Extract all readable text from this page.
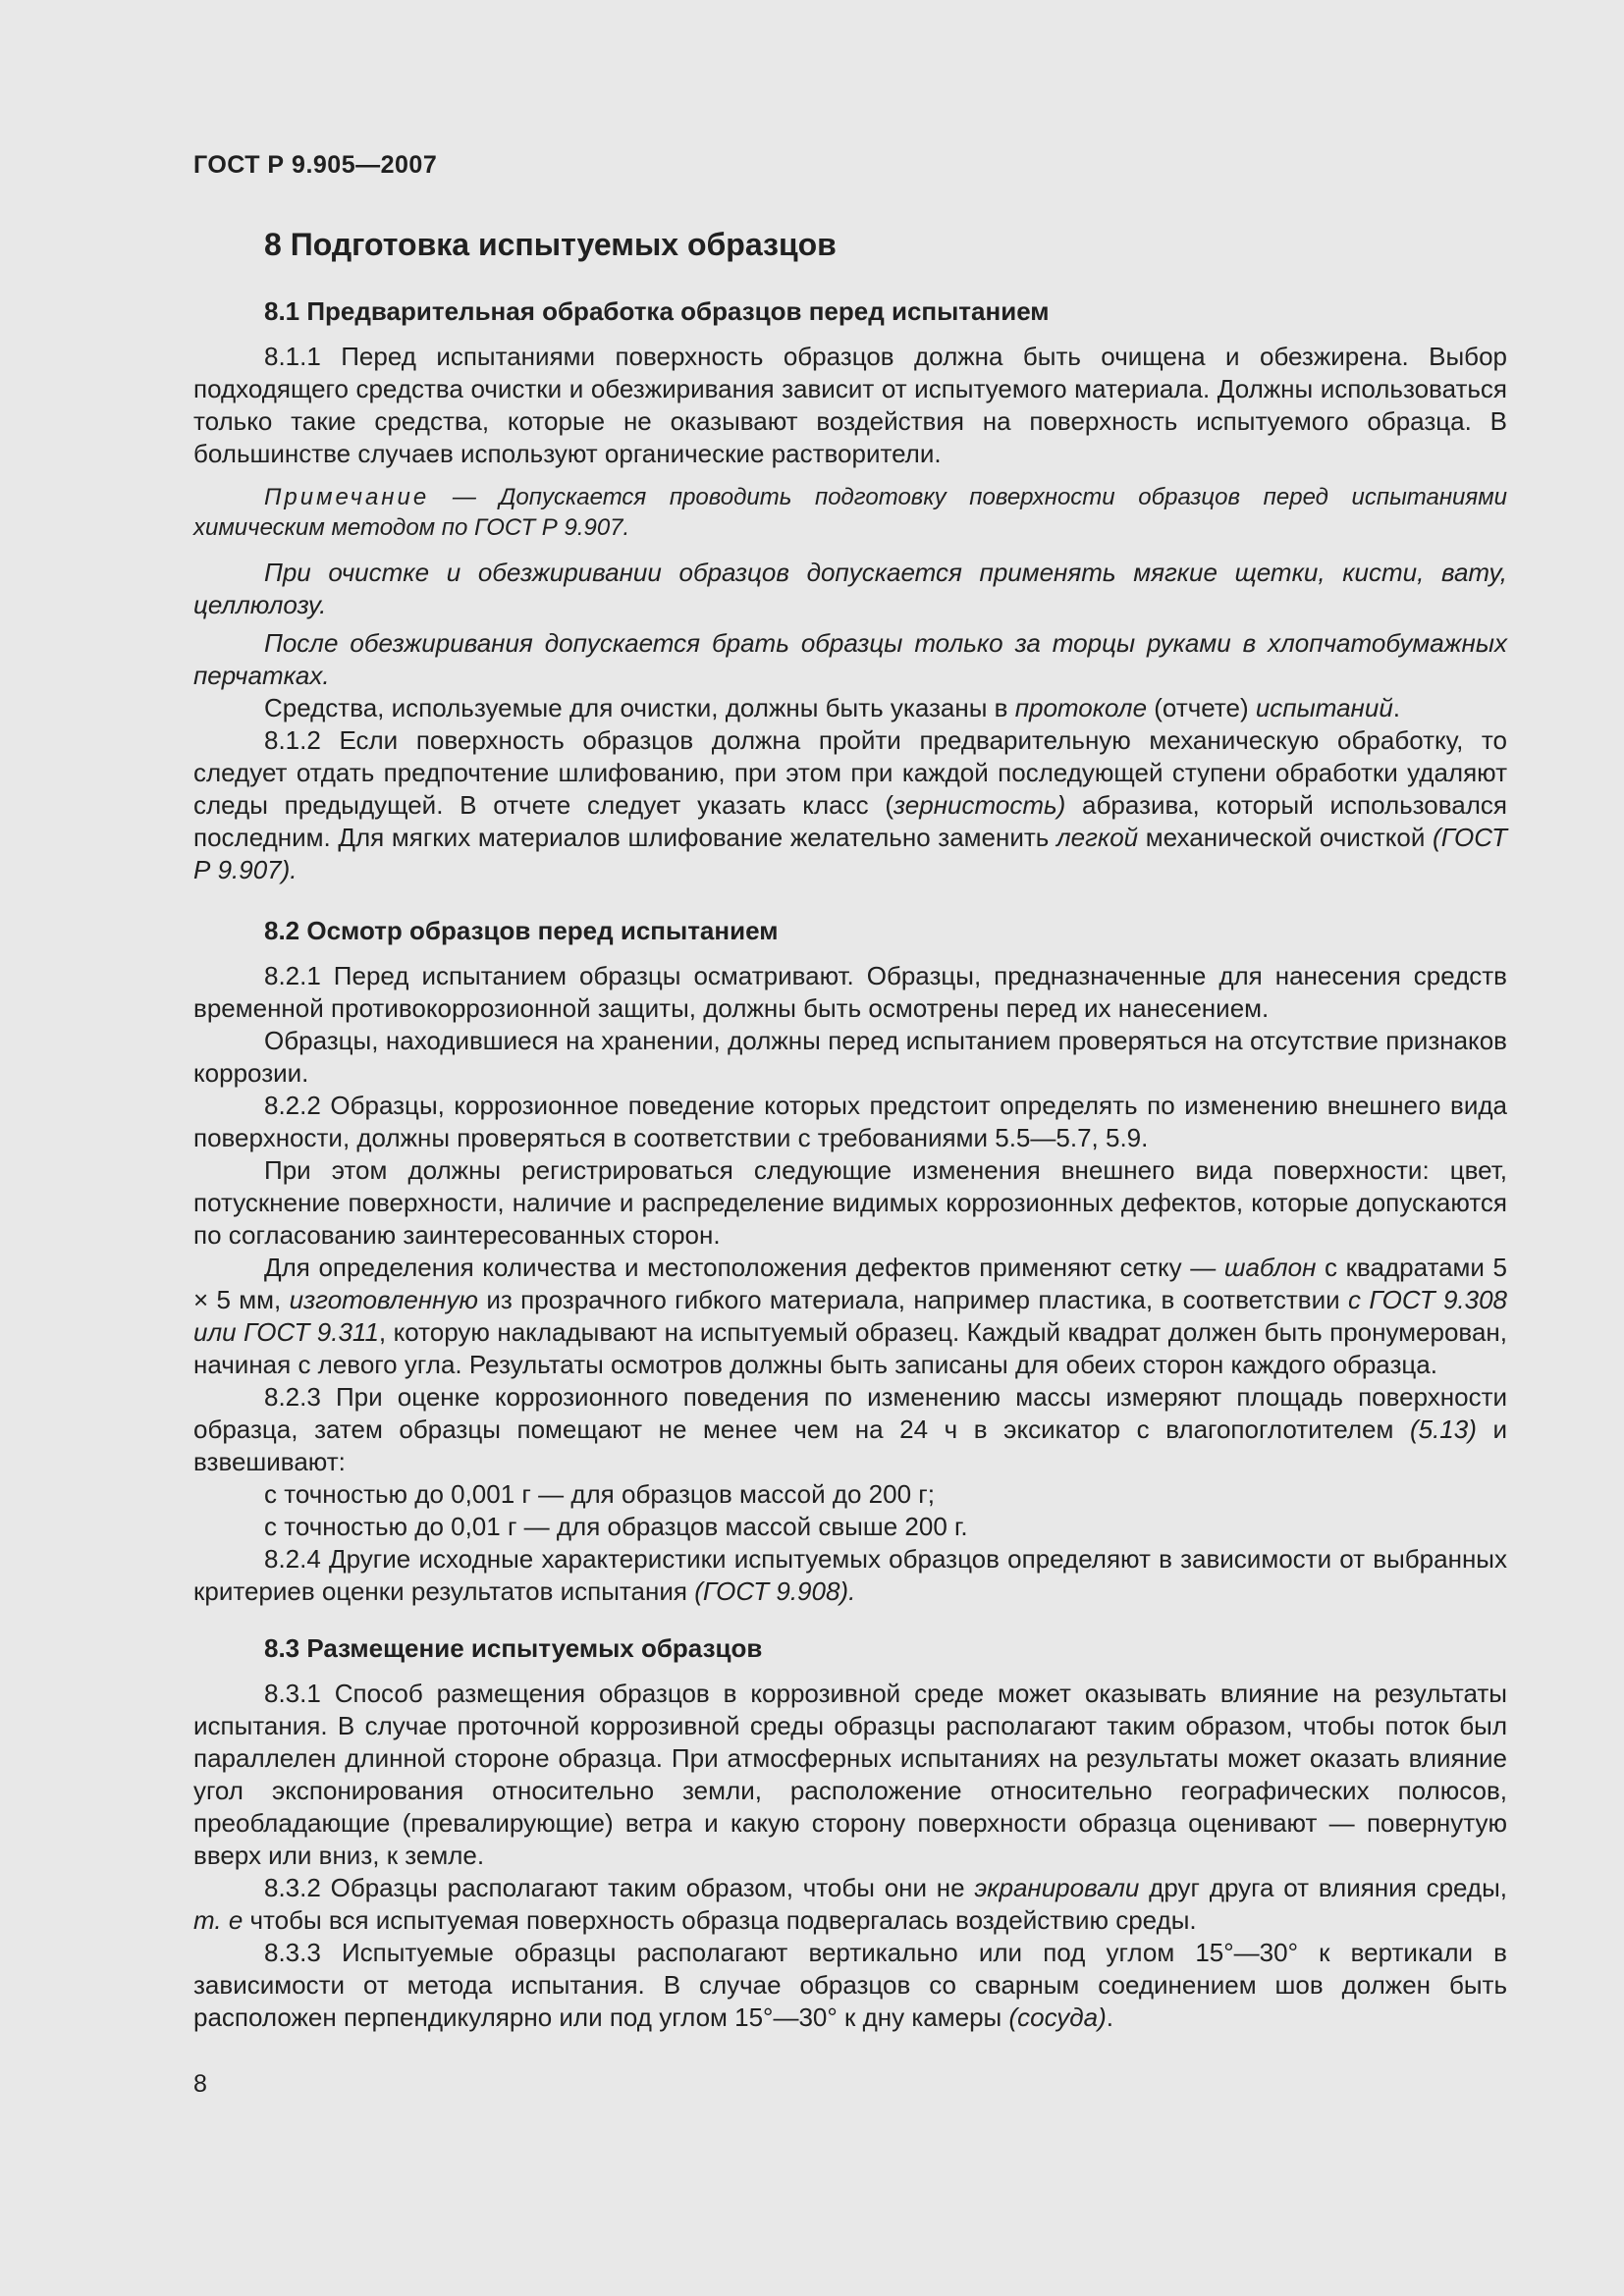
ГОСТ Р 9.905—2007
8 Подготовка испытуемых образцов
8.1 Предварительная обработка образцов перед испытанием

8.1.1 Перед испытаниями поверхность образцов должна быть очищена и обезжирена. Выбор подходящего средства очистки и обезжиривания зависит от испытуемого материала. Должны использоваться только такие средства, которые не оказывают воздействия на поверхность испытуемого образца. В большинстве случаев используют органические растворители.

Примечание — Допускается проводить подготовку поверхности образцов перед испытаниями химическим методом по ГОСТ Р 9.907.

При очистке и обезжиривании образцов допускается применять мягкие щетки, кисти, вату, целлюлозу.

После обезжиривания допускается брать образцы только за торцы руками в хлопчатобумажных перчатках.

Средства, используемые для очистки, должны быть указаны в протоколе (отчете) испытаний.

8.1.2 Если поверхность образцов должна пройти предварительную механическую обработку, то следует отдать предпочтение шлифованию, при этом при каждой последующей ступени обработки удаляют следы предыдущей. В отчете следует указать класс (зернистость) абразива, который использовался последним. Для мягких материалов шлифование желательно заменить легкой механической очисткой (ГОСТ Р 9.907).

8.2 Осмотр образцов перед испытанием

8.2.1 Перед испытанием образцы осматривают. Образцы, предназначенные для нанесения средств временной противокоррозионной защиты, должны быть осмотрены перед их нанесением.

Образцы, находившиеся на хранении, должны перед испытанием проверяться на отсутствие признаков коррозии.

8.2.2 Образцы, коррозионное поведение которых предстоит определять по изменению внешнего вида поверхности, должны проверяться в соответствии с требованиями 5.5—5.7, 5.9.

При этом должны регистрироваться следующие изменения внешнего вида поверхности: цвет, потускнение поверхности, наличие и распределение видимых коррозионных дефектов, которые допускаются по согласованию заинтересованных сторон.

Для определения количества и местоположения дефектов применяют сетку — шаблон с квадратами 5 × 5 мм, изготовленную из прозрачного гибкого материала, например пластика, в соответствии с ГОСТ 9.308 или ГОСТ 9.311, которую накладывают на испытуемый образец. Каждый квадрат должен быть пронумерован, начиная с левого угла. Результаты осмотров должны быть записаны для обеих сторон каждого образца.

8.2.3 При оценке коррозионного поведения по изменению массы измеряют площадь поверхности образца, затем образцы помещают не менее чем на 24 ч в эксикатор с влагопоглотителем (5.13) и взвешивают:

с точностью до 0,001 г — для образцов массой до 200 г;

с точностью до 0,01 г — для образцов массой свыше 200 г.

8.2.4 Другие исходные характеристики испытуемых образцов определяют в зависимости от выбранных критериев оценки результатов испытания (ГОСТ 9.908).

8.3 Размещение испытуемых образцов

8.3.1 Способ размещения образцов в коррозивной среде может оказывать влияние на результаты испытания. В случае проточной коррозивной среды образцы располагают таким образом, чтобы поток был параллелен длинной стороне образца. При атмосферных испытаниях на результаты может оказать влияние угол экспонирования относительно земли, расположение относительно географических полюсов, преобладающие (превалирующие) ветра и какую сторону поверхности образца оценивают — повернутую вверх или вниз, к земле.

8.3.2 Образцы располагают таким образом, чтобы они не экранировали друг друга от влияния среды, т. е чтобы вся испытуемая поверхность образца подвергалась воздействию среды.

8.3.3 Испытуемые образцы располагают вертикально или под углом 15°—30° к вертикали в зависимости от метода испытания. В случае образцов со сварным соединением шов должен быть расположен перпендикулярно или под углом 15°—30° к дну камеры (сосуда).

8
